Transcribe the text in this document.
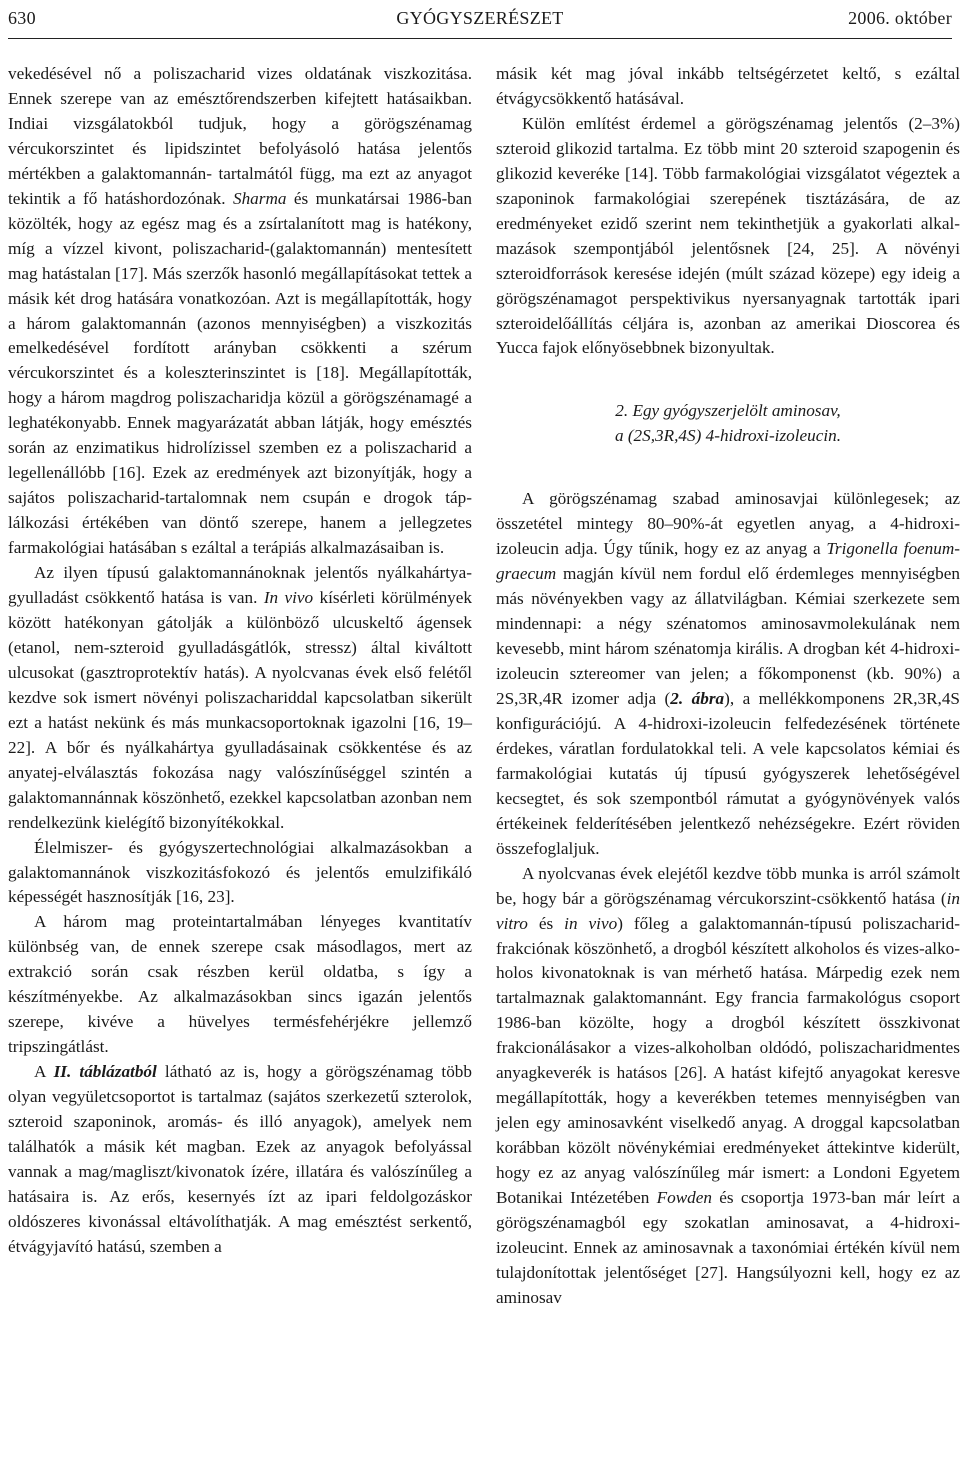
630	GYÓGYSZERÉSZET	2006. október

vekedésével nő a poliszacharid vizes oldatának viszkozitása. Ennek szerepe van az emésztőrendszerben kifejtett hatásaikban. Indiai vizsgálatokból tudjuk, hogy a görögszénamag vércukorszintet és lipidszintet befolyásoló hatása jelentős mértékben a galaktomannán- tartalmától függ, ma ezt az anyagot tekintik a fő hatáshordozónak. Sharma és munkatársai 1986-ban közölték, hogy az egész mag és a zsírtalanított mag is hatékony, míg a vízzel kivont, poliszacharid-(galaktomannán) mentesített mag hatástalan [17]. Más szerzők hasonló megállapításokat tettek a másik két drog hatására vonatkozóan. Azt is megállapították, hogy a három galaktomannán (azonos mennyiségben) a viszkozitás emelkedésével fordított arányban csökkenti a szérum vércukorszintet és a koleszterinszintet is [18]. Megállapították, hogy a három magdrog poliszacharidja közül a görögszénamagé a leghatékonyabb. Ennek magyarázatát abban látják, hogy emésztés során az enzimatikus hidrolízissel szemben ez a poliszacharid a legellenállóbb [16]. Ezek az eredmények azt bizonyítják, hogy a sajátos poliszacharid-tartalomnak nem csupán e drogok táplálkozási értékében van döntő szerepe, hanem a jellegzetes farmakológiai hatásában s ezáltal a terápiás alkalmazásaiban is.

Az ilyen típusú galaktomannánoknak jelentős nyálkahártya-gyulladást csökkentő hatása is van. In vivo kísérleti körülmények között hatékonyan gátolják a különböző ulcuskeltő ágensek (etanol, nem-szteroid gyulladásgátlók, stressz) által kiváltott ulcusokat (gasztroprotektív hatás). A nyolcvanas évek első felétől kezdve sok ismert növényi poliszachariddal kapcsolatban sikerült ezt a hatást nekünk és más munkacsoportoknak igazolni [16, 19–22]. A bőr és nyálkahártya gyulladásainak csökkentése és az anyatej-elválasztás fokozása nagy valószínűséggel szintén a galaktomannánnak köszönhető, ezekkel kapcsolatban azonban nem rendelkezünk kielégítő bizonyítékokkal.

Élelmiszer- és gyógyszertechnológiai alkalmazásokban a galaktomannánok viszkozitásfokozó és jelentős emulzifikáló képességét hasznosítják [16, 23].

A három mag proteintartalmában lényeges kvantitatív különbség van, de ennek szerepe csak másodlagos, mert az extrakció során csak részben kerül oldatba, s így a készítményekbe. Az alkalmazásokban sincs igazán jelentős szerepe, kivéve a hüvelyes termésfehérjékre jellemző tripszingátlást.

A II. táblázatból látható az is, hogy a görögszénamag több olyan vegyületcsoportot is tartalmaz (sajátos szerkezetű szterolok, szteroid szaponinok, aromás- és illó anyagok), amelyek nem találhatók a másik két magban. Ezek az anyagok befolyással vannak a mag/magliszt/kivonatok ízére, illatára és valószínűleg a hatásaira is. Az erős, kesernyés ízt az ipari feldolgozáskor oldószeres kivonással eltávolíthatják. A mag emésztést serkentő, étvágyjavító hatású, szemben a

másik két mag jóval inkább teltségérzetet keltő, s ezáltal étvágycsökkentő hatásával.

Külön említést érdemel a görögszénamag jelentős (2–3%) szteroid glikozid tartalma. Ez több mint 20 szteroid szapogenin és glikozid keveréke [14]. Több farmakológiai vizsgálatot végeztek a szaponinok farmakológiai szerepének tisztázására, de az eredményeket ezidő szerint nem tekinthetjük a gyakorlati alkalmazások szempontjából jelentősnek [24, 25]. A növényi szteroidforrások keresése idején (múlt század közepe) egy ideig a görögszénamagot perspektivikus nyersanyagnak tartották ipari szteroidelőállítás céljára is, azonban az amerikai Dioscorea és Yucca fajok előnyösebbnek bizonyultak.

2. Egy gyógyszerjelölt aminosav,
a (2S,3R,4S) 4-hidroxi-izoleucin.

A görögszénamag szabad aminosavjai különlegesek; az összetétel mintegy 80–90%-át egyetlen anyag, a 4-hidroxi-izoleucin adja. Úgy tűnik, hogy ez az anyag a Trigonella foenum-graecum magján kívül nem fordul elő érdemleges mennyiségben más növényekben vagy az állatvilágban. Kémiai szerkezete sem mindennapi: a négy szénatomos aminosavmolekulának nem kevesebb, mint három szénatomja királis. A drogban két 4-hidroxi-izoleucin sztereomer van jelen; a főkomponenst (kb. 90%) a 2S,3R,4R izomer adja (2. ábra), a mellékkomponens 2R,3R,4S konfigurációjú. A 4-hidroxi-izoleucin felfedezésének története érdekes, váratlan fordulatokkal teli. A vele kapcsolatos kémiai és farmakológiai kutatás új típusú gyógyszerek lehetőségével kecsegtet, és sok szempontból rámutat a gyógynövények valós értékeinek felderítésében jelentkező nehézségekre. Ezért röviden összefoglaljuk.

A nyolcvanas évek elejétől kezdve több munka is arról számolt be, hogy bár a görögszénamag vércukorszint-csökkentő hatása (in vitro és in vivo) főleg a galaktomannán-típusú poliszacharid-frakciónak köszönhető, a drogból készített alkoholos és vizes-alkoholos kivonatoknak is van mérhető hatása. Márpedig ezek nem tartalmaznak galaktomannánt. Egy francia farmakológus csoport 1986-ban közölte, hogy a drogból készített összkivonat frakcionálásakor a vizes-alkoholban oldódó, poliszacharidmentes anyagkeverék is hatásos [26]. A hatást kifejtő anyagokat keresve megállapították, hogy a keverékben tetemes mennyiségben van jelen egy aminosavként viselkedő anyag. A droggal kapcsolatban korábban közölt növénykémiai eredményeket áttekintve kiderült, hogy ez az anyag valószínűleg már ismert: a Londoni Egyetem Botanikai Intézetében Fowden és csoportja 1973-ban már leírt a görögszénamagból egy szokatlan aminosavat, a 4-hidroxi-izoleucint. Ennek az aminosavnak a taxonómiai értékén kívül nem tulajdonítottak jelentőséget [27]. Hangsúlyozni kell, hogy ez az aminosav
